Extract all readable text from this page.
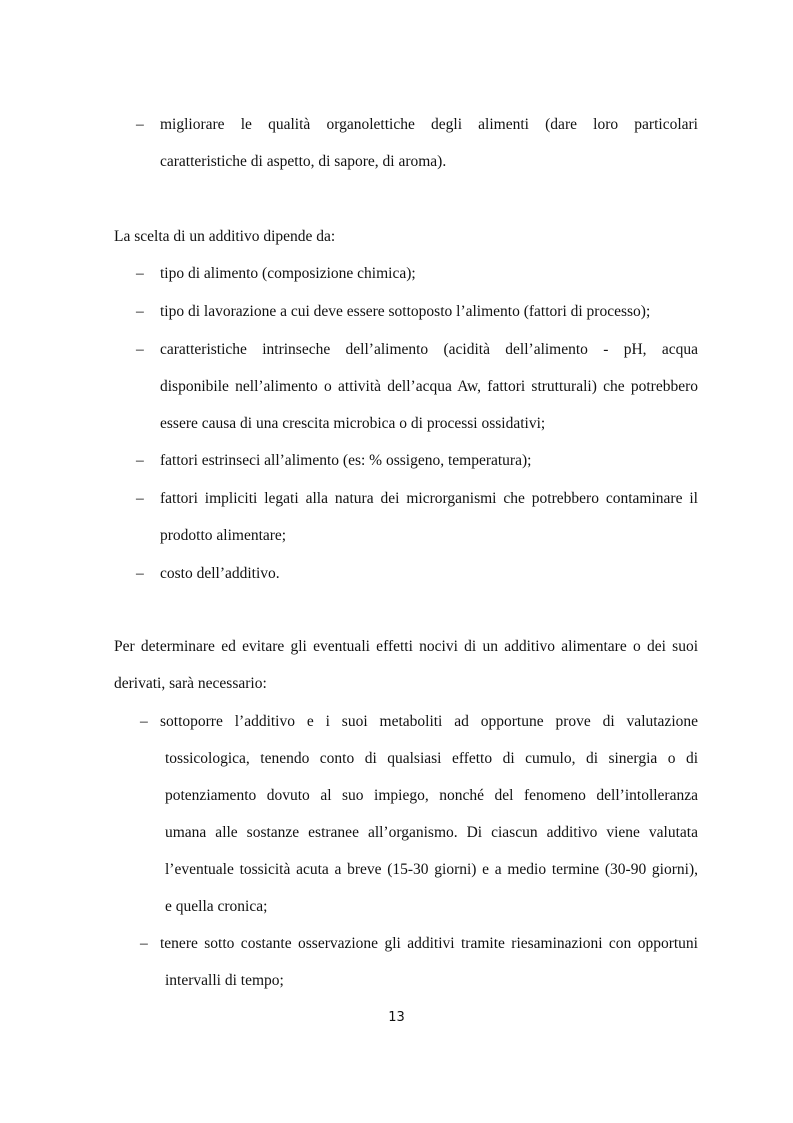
– migliorare le qualità organolettiche degli alimenti (dare loro particolari
caratteristiche di aspetto, di sapore, di aroma).
La scelta di un additivo dipende da:
– tipo di alimento (composizione chimica);
– tipo di lavorazione a cui deve essere sottoposto l’alimento (fattori di processo);
– caratteristiche intrinseche dell’alimento (acidità dell’alimento - pH, acqua
disponibile nell’alimento o attività dell’acqua Aw, fattori strutturali) che potrebbero
essere causa di una crescita microbica o di processi ossidativi;
– fattori estrinseci all’alimento (es: % ossigeno, temperatura);
– fattori impliciti legati alla natura dei microrganismi che potrebbero contaminare il
prodotto alimentare;
– costo dell’additivo.
Per determinare ed evitare gli eventuali effetti nocivi di un additivo alimentare o dei suoi
derivati, sarà necessario:
– sottoporre l’additivo e i suoi metaboliti ad opportune prove di valutazione
tossicologica, tenendo conto di qualsiasi effetto di cumulo, di sinergia o di
potenziamento dovuto al suo impiego, nonché del fenomeno dell’intolleranza
umana alle sostanze estranee all’organismo. Di ciascun additivo viene valutata
l’eventuale tossicità acuta a breve (15-30 giorni) e a medio termine (30-90 giorni),
e quella cronica;
– tenere sotto costante osservazione gli additivi tramite riesaminazioni con opportuni
intervalli di tempo;
13
